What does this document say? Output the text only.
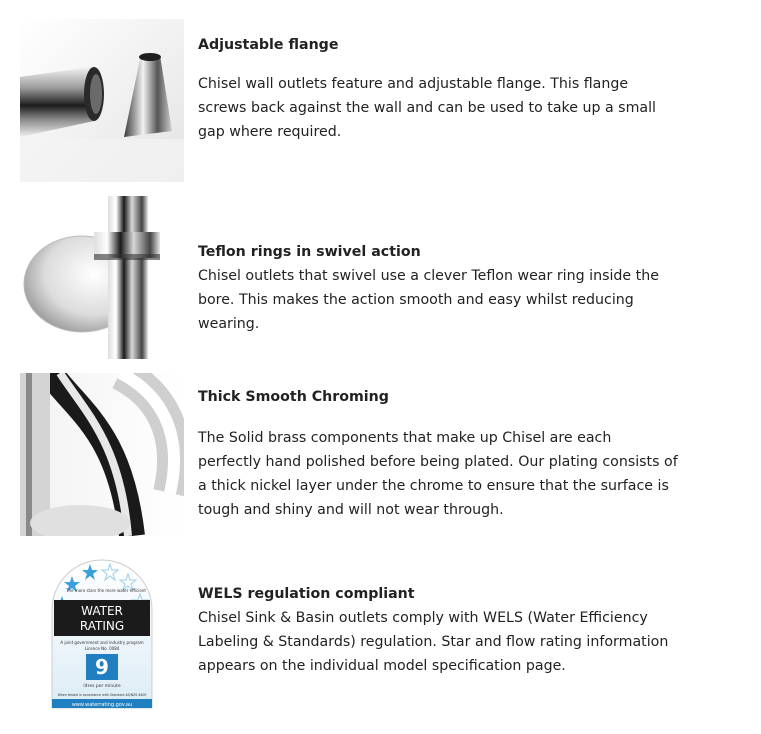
Adjustable flange

Chisel wall outlets feature and adjustable flange. This flange screws back against the wall and can be used to take up a small gap where required.

Teflon rings in swivel action

Chisel outlets that swivel use a clever Teflon wear ring inside the bore. This makes the action smooth and easy whilst reducing wearing.

Thick Smooth Chroming

The Solid brass components that make up Chisel are each perfectly hand polished before being plated. Our plating consists of a thick nickel layer under the chrome to ensure that the surface is tough and shiny and will not wear through.

The more stars the more water efficient
WATER
RATING
A joint government and industry program
Licence No. 0084
9
litres per minute
When tested in accordance with Standard AS/NZS 6400
www.waterrating.gov.au

WELS regulation compliant

Chisel Sink & Basin outlets comply with WELS (Water Efficiency Labeling & Standards) regulation. Star and flow rating information appears on the individual model specification page.
